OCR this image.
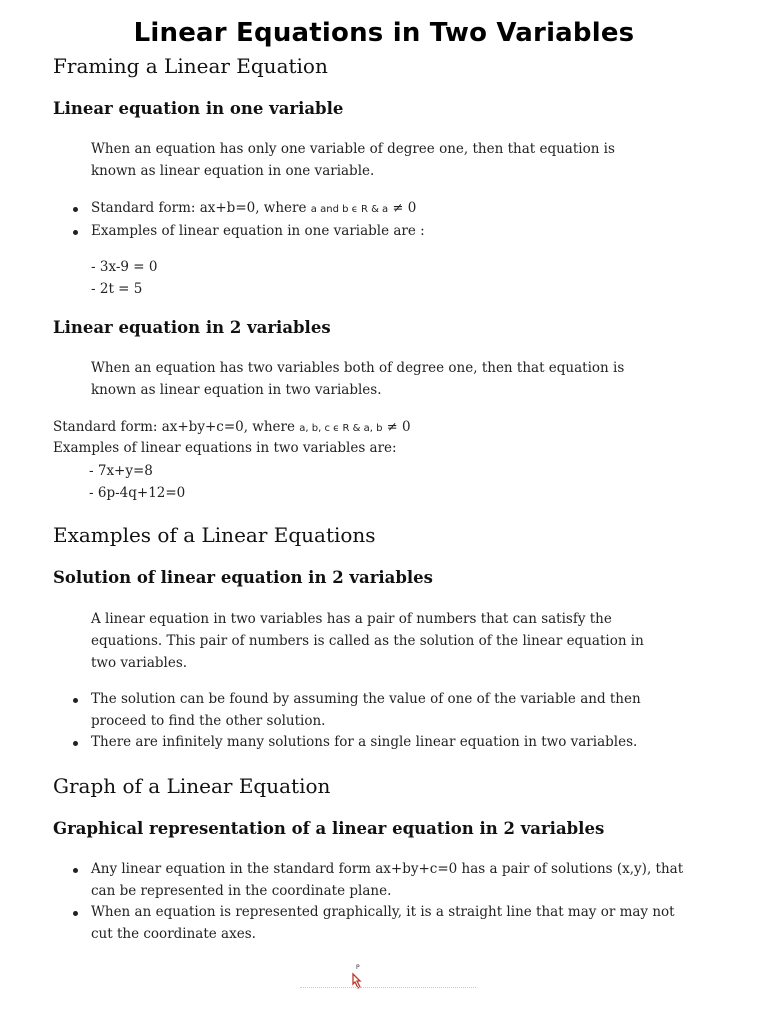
Linear Equations in Two Variables
Framing a Linear Equation
Linear equation in one variable
When an equation has only one variable of degree one, then that equation is
known as linear equation in one variable.
Standard form: ax+b=0, where a and b ϵ R & a ≠ 0
Examples of linear equation in one variable are :
- 3x-9 = 0
- 2t = 5
Linear equation in 2 variables
When an equation has two variables both of degree one, then that equation is
known as linear equation in two variables.
Standard form: ax+by+c=0, where a, b, c ϵ R & a, b ≠ 0
Examples of linear equations in two variables are:
- 7x+y=8
- 6p-4q+12=0
Examples of a Linear Equations
Solution of linear equation in 2 variables
A linear equation in two variables has a pair of numbers that can satisfy the
equations. This pair of numbers is called as the solution of the linear equation in
two variables.
The solution can be found by assuming the value of one of the variable and then
proceed to find the other solution.
There are infinitely many solutions for a single linear equation in two variables.
Graph of a Linear Equation
Graphical representation of a linear equation in 2 variables
Any linear equation in the standard form ax+by+c=0 has a pair of solutions (x,y), that
can be represented in the coordinate plane.
When an equation is represented graphically, it is a straight line that may or may not
cut the coordinate axes.
P
